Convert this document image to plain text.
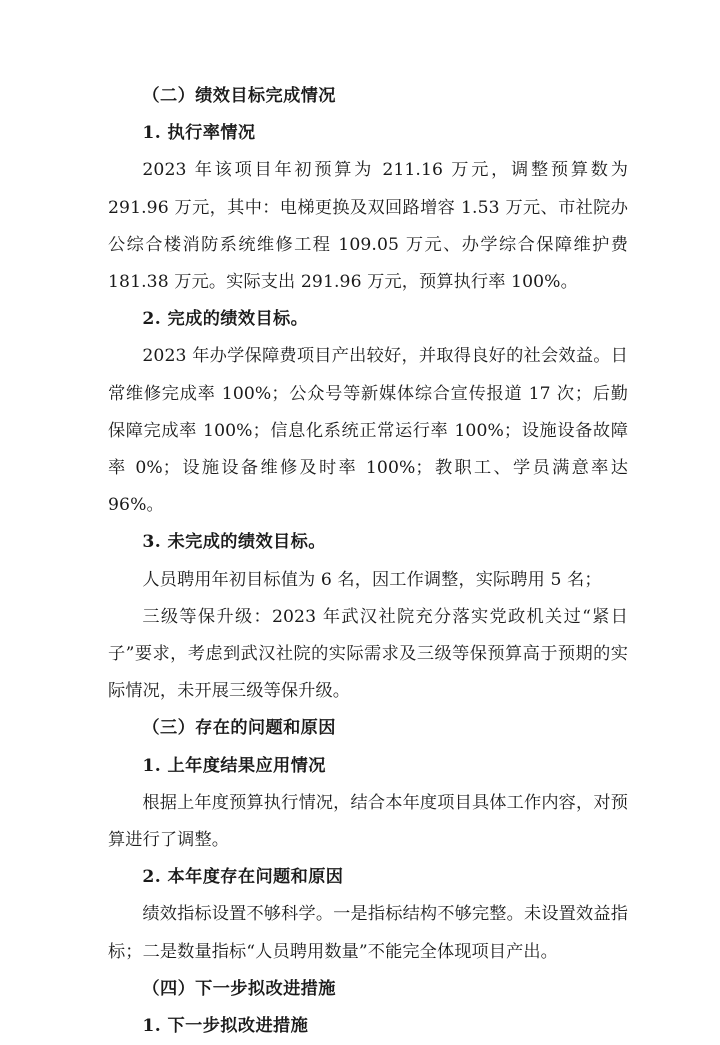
（二）绩效目标完成情况

1. 执行率情况

2023 年该项目年初预算为 211.16 万元，调整预算数为 291.96 万元，其中：电梯更换及双回路增容 1.53 万元、市社院办公综合楼消防系统维修工程 109.05 万元、办学综合保障维护费 181.38 万元。实际支出 291.96 万元，预算执行率 100%。

2. 完成的绩效目标。

2023 年办学保障费项目产出较好，并取得良好的社会效益。日常维修完成率 100%；公众号等新媒体综合宣传报道 17 次；后勤保障完成率 100%；信息化系统正常运行率 100%；设施设备故障率 0%；设施设备维修及时率 100%；教职工、学员满意率达 96%。

3. 未完成的绩效目标。

人员聘用年初目标值为 6 名，因工作调整，实际聘用 5 名；

三级等保升级：2023 年武汉社院充分落实党政机关过“紧日子”要求，考虑到武汉社院的实际需求及三级等保预算高于预期的实际情况，未开展三级等保升级。

（三）存在的问题和原因

1. 上年度结果应用情况

根据上年度预算执行情况，结合本年度项目具体工作内容，对预算进行了调整。

2. 本年度存在问题和原因

绩效指标设置不够科学。一是指标结构不够完整。未设置效益指标；二是数量指标“人员聘用数量”不能完全体现项目产出。

（四）下一步拟改进措施

1. 下一步拟改进措施
